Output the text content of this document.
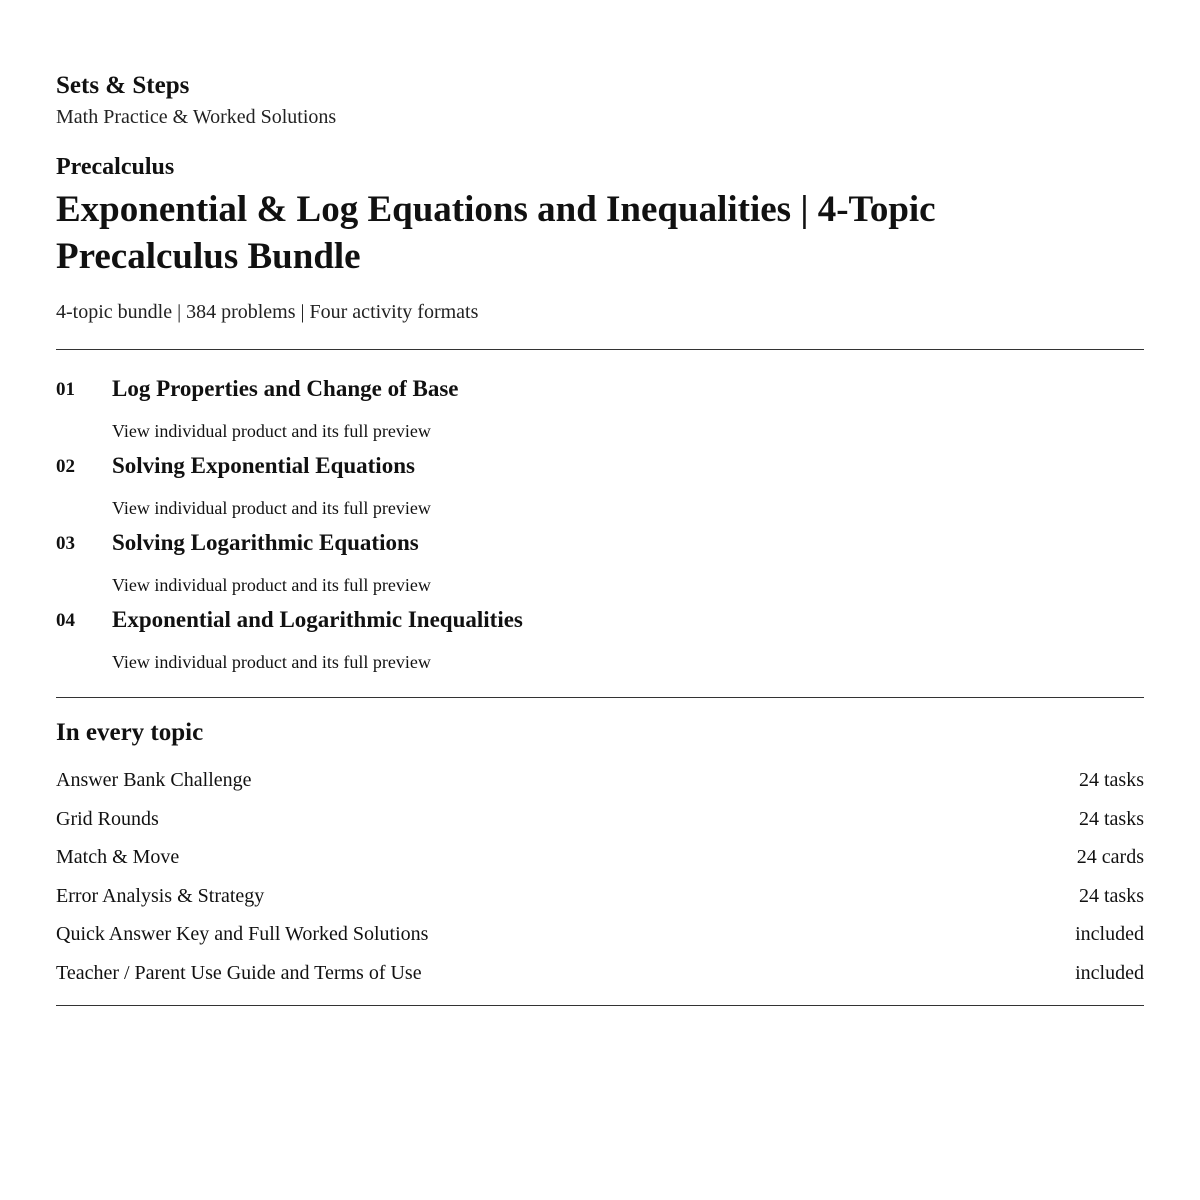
Sets & Steps
Math Practice & Worked Solutions
Precalculus
Exponential & Log Equations and Inequalities | 4-Topic Precalculus Bundle
4-topic bundle | 384 problems | Four activity formats
01 Log Properties and Change of Base
View individual product and its full preview
02 Solving Exponential Equations
View individual product and its full preview
03 Solving Logarithmic Equations
View individual product and its full preview
04 Exponential and Logarithmic Inequalities
View individual product and its full preview
In every topic
Answer Bank Challenge	24 tasks
Grid Rounds	24 tasks
Match & Move	24 cards
Error Analysis & Strategy	24 tasks
Quick Answer Key and Full Worked Solutions	included
Teacher / Parent Use Guide and Terms of Use	included
